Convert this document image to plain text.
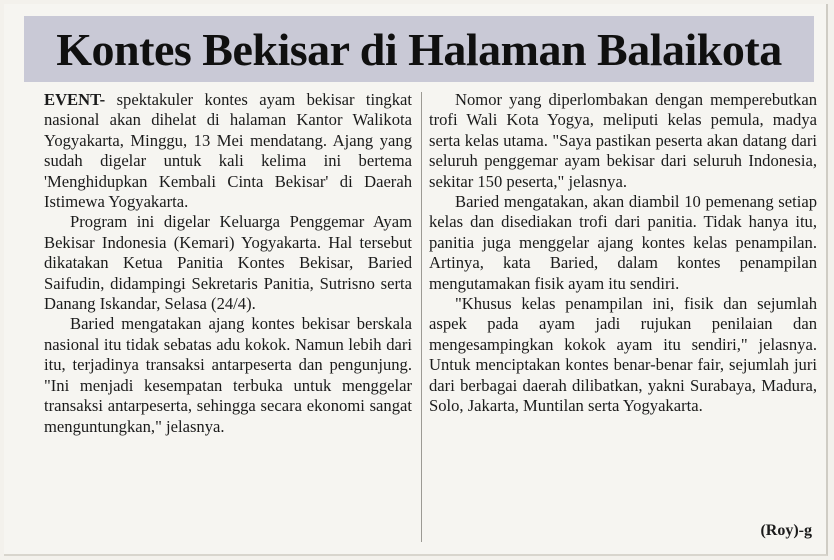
Kontes Bekisar di Halaman Balaikota

EVENT- spektakuler kontes ayam bekisar tingkat nasional akan dihelat di halaman Kantor Walikota Yogyakarta, Minggu, 13 Mei mendatang. Ajang yang sudah digelar untuk kali kelima ini bertema 'Menghidupkan Kembali Cinta Bekisar' di Daerah Istimewa Yogyakarta.

Program ini digelar Keluarga Penggemar Ayam Bekisar Indonesia (Kemari) Yogyakarta. Hal tersebut dikatakan Ketua Panitia Kontes Bekisar, Baried Saifudin, didampingi Sekretaris Panitia, Sutrisno serta Danang Iskandar, Selasa (24/4).

Baried mengatakan ajang kontes bekisar berskala nasional itu tidak sebatas adu kokok. Namun lebih dari itu, terjadinya transaksi antarpeserta dan pengunjung. "Ini menjadi kesempatan terbuka untuk menggelar transaksi antarpeserta, sehingga secara ekonomi sangat menguntungkan," jelasnya.

Nomor yang diperlombakan dengan memperebutkan trofi Wali Kota Yogya, meliputi kelas pemula, madya serta kelas utama. "Saya pastikan peserta akan datang dari seluruh penggemar ayam bekisar dari seluruh Indonesia, sekitar 150 peserta," jelasnya.

Baried mengatakan, akan diambil 10 pemenang setiap kelas dan disediakan trofi dari panitia. Tidak hanya itu, panitia juga menggelar ajang kontes kelas penampilan. Artinya, kata Baried, dalam kontes penampilan mengutamakan fisik ayam itu sendiri.

"Khusus kelas penampilan ini, fisik dan sejumlah aspek pada ayam jadi rujukan penilaian dan mengesampingkan kokok ayam itu sendiri," jelasnya. Untuk menciptakan kontes benar-benar fair, sejumlah juri dari berbagai daerah dilibatkan, yakni Surabaya, Madura, Solo, Jakarta, Muntilan serta Yogyakarta.

(Roy)-g
